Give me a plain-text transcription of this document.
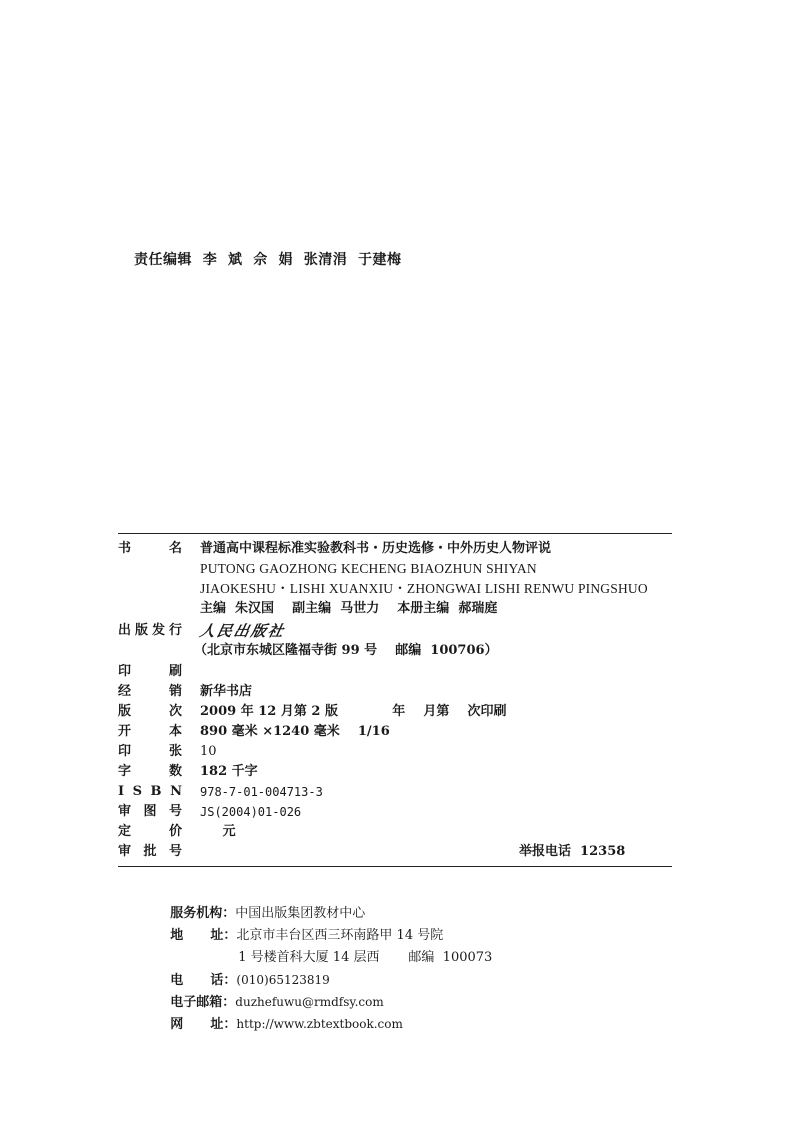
责任编辑  李  斌  佘  娟  张清涓  于建梅
书	名 普通高中课程标准实验教科书・历史选修・中外历史人物评说
PUTONG GAOZHONG KECHENG BIAOZHUN SHIYAN
JIAOKESHU・LISHI XUANXIU・ZHONGWAI LISHI RENWU PINGSHUO
主编  朱汉国    副主编  马世力    本册主编  郝瑞庭
出 版 发 行 人民出版社
（北京市东城区隆福寺街 99 号    邮编  100706）
印	刷
经	销 新华书店
版	次 2009 年 12 月第 2 版            年    月第    次印刷
开	本 890 毫米 ×1240 毫米    1/16
印	张 10
字	数 182 千字
I S B N 978-7-01-004713-3
审 图 号 JS(2004)01-026
定	价 元
审 批 号	举报电话  12358

服务机构：中国出版集团教材中心

地      址：北京市丰台区西三环南路甲 14 号院

1 号楼首科大厦 14 层西       邮编  100073

电      话：(010)65123819

电子邮箱：duzhefuwu@rmdfsy.com

网      址：http://www.zbtextbook.com
